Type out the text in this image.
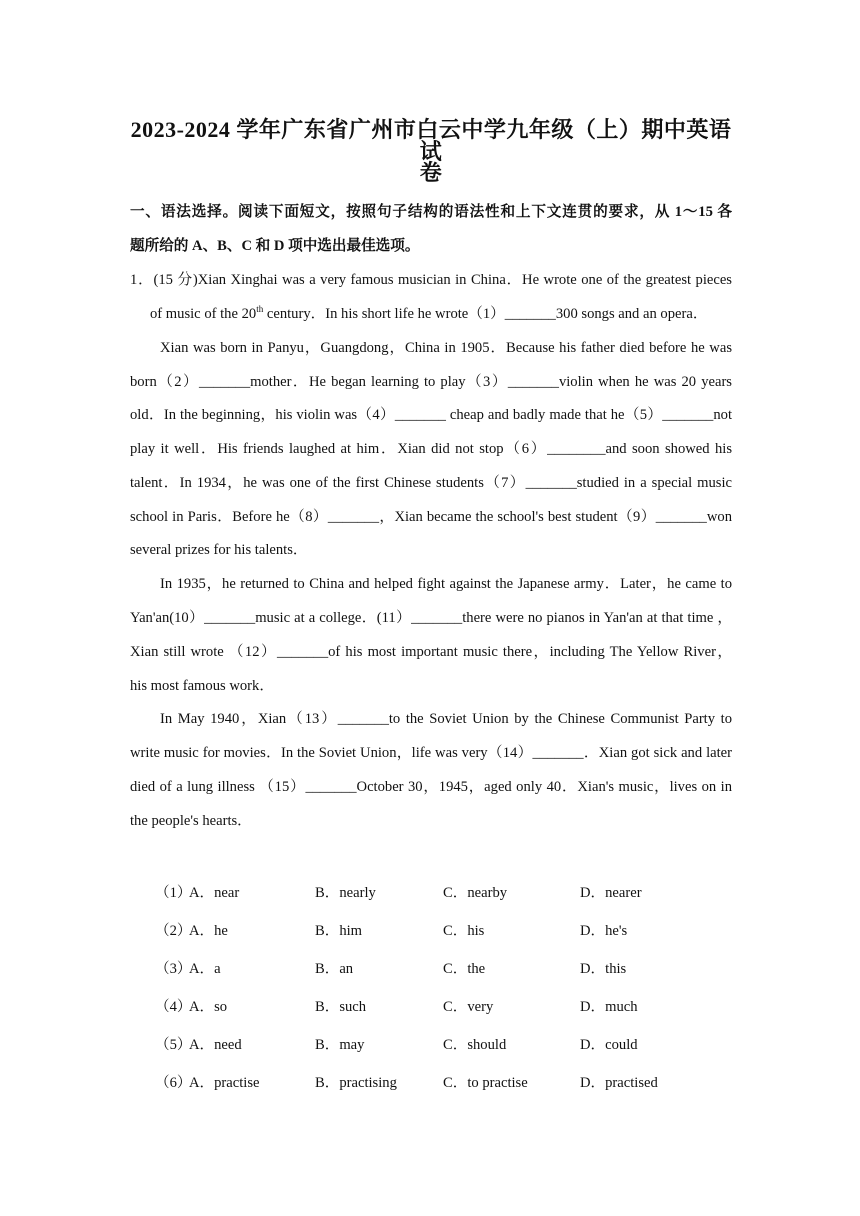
2023-2024 学年广东省广州市白云中学九年级（上）期中英语试
卷
一、语法选择。阅读下面短文，按照句子结构的语法性和上下文连贯的要求，从 1～15 各
题所给的 A、B、C 和 D 项中选出最佳选项。
1．(15 分)Xian Xinghai was a very famous musician in China．He wrote one of the greatest pieces
of music of the 20th century．In his short life he wrote（1）_______300 songs and an opera．
Xian was born in Panyu，Guangdong，China in 1905．Because his father died before he was
born（2）_______mother．He began learning to play（3）_______violin when he was 20 years
old．In the beginning，his violin was（4）_______ cheap and badly made that he（5）_______not
play it well．His friends laughed at him．Xian did not stop（6）________and soon showed his
talent．In 1934，he was one of the first Chinese students（7）_______studied in a special music
school in Paris．Before he（8）_______，Xian became the school's best student（9）_______won
several prizes for his talents．
In 1935，he returned to China and helped fight against the Japanese army．Later，he came to
Yan'an(10）_______music at a college．(11）_______there were no pianos in Yan'an at that time ，
Xian still wrote （12）_______of his most important music there，including The Yellow River，
his most famous work．
In May 1940，Xian（13）_______to the Soviet Union by the Chinese Communist Party to
write music for movies．In the Soviet Union，life was very（14）_______．Xian got sick and later
died of a lung illness （15）_______October 30，1945，aged only 40．Xian's music，lives on in
the people's hearts．
（1）
A．near	B．nearly	C．nearby	D．nearer
（2）
A．he	B．him	C．his	D．he's
（3）
A．a	B．an	C．the	D．this
（4）
A．so	B．such	C．very	D．much
（5）
A．need	B．may	C．should	D．could
（6）
A．practise	B．practising	C．to practise	D．practised
